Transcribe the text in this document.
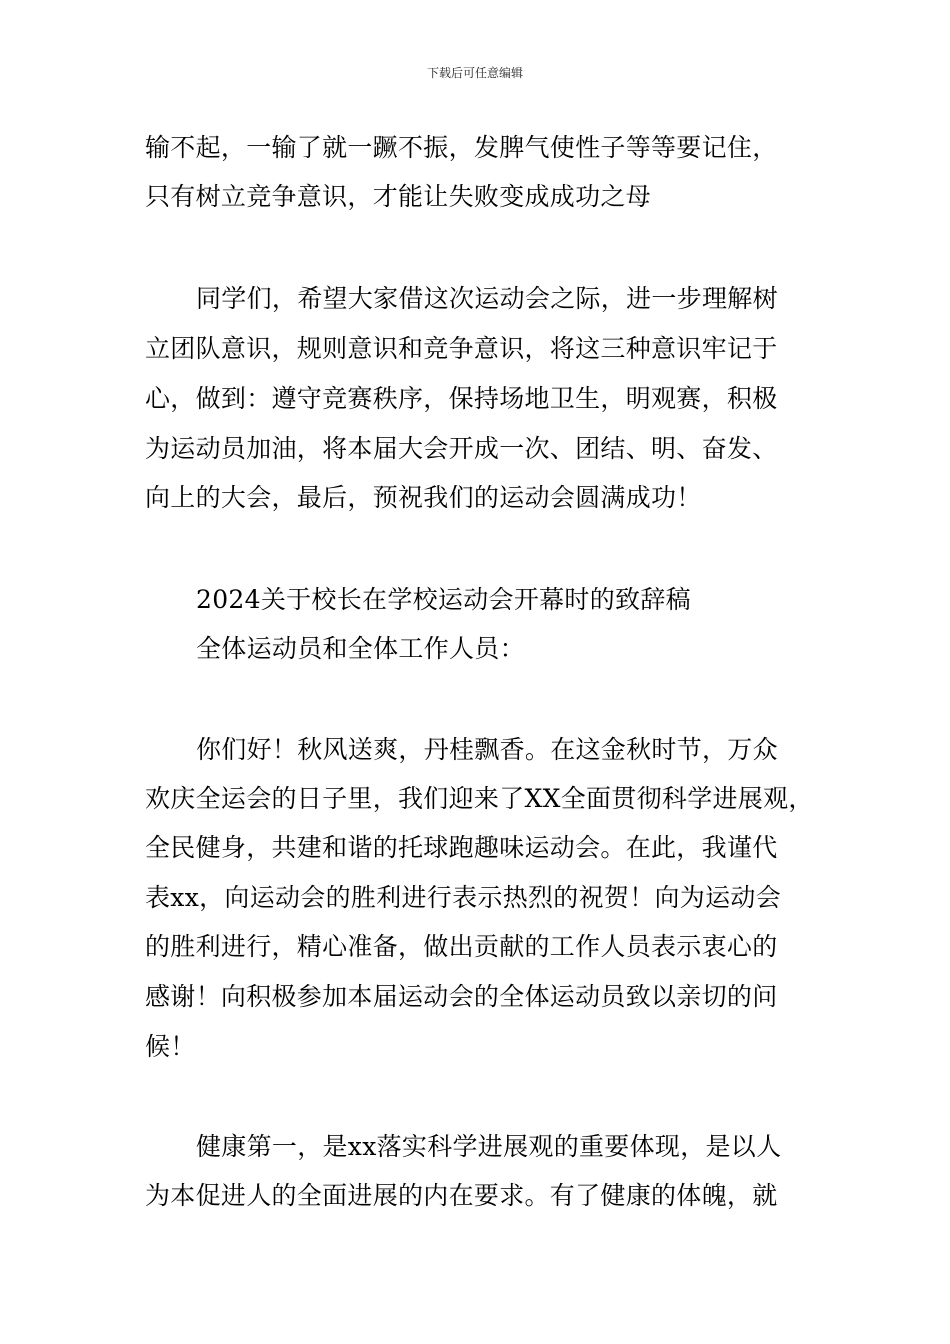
下载后可任意编辑
输不起，一输了就一蹶不振，发脾气使性子等等要记住，
只有树立竞争意识，才能让失败变成成功之母
同学们，希望大家借这次运动会之际，进一步理解树
立团队意识，规则意识和竞争意识，将这三种意识牢记于
心，做到：遵守竞赛秩序，保持场地卫生，明观赛，积极
为运动员加油，将本届大会开成一次、团结、明、奋发、
向上的大会，最后，预祝我们的运动会圆满成功！
2024关于校长在学校运动会开幕时的致辞稿
全体运动员和全体工作人员：
你们好！秋风送爽，丹桂飘香。在这金秋时节，万众
欢庆全运会的日子里，我们迎来了XX全面贯彻科学进展观，
全民健身，共建和谐的托球跑趣味运动会。在此，我谨代
表xx，向运动会的胜利进行表示热烈的祝贺！向为运动会
的胜利进行，精心准备，做出贡献的工作人员表示衷心的
感谢！向积极参加本届运动会的全体运动员致以亲切的问
候！
健康第一，是xx落实科学进展观的重要体现，是以人
为本促进人的全面进展的内在要求。有了健康的体魄，就
